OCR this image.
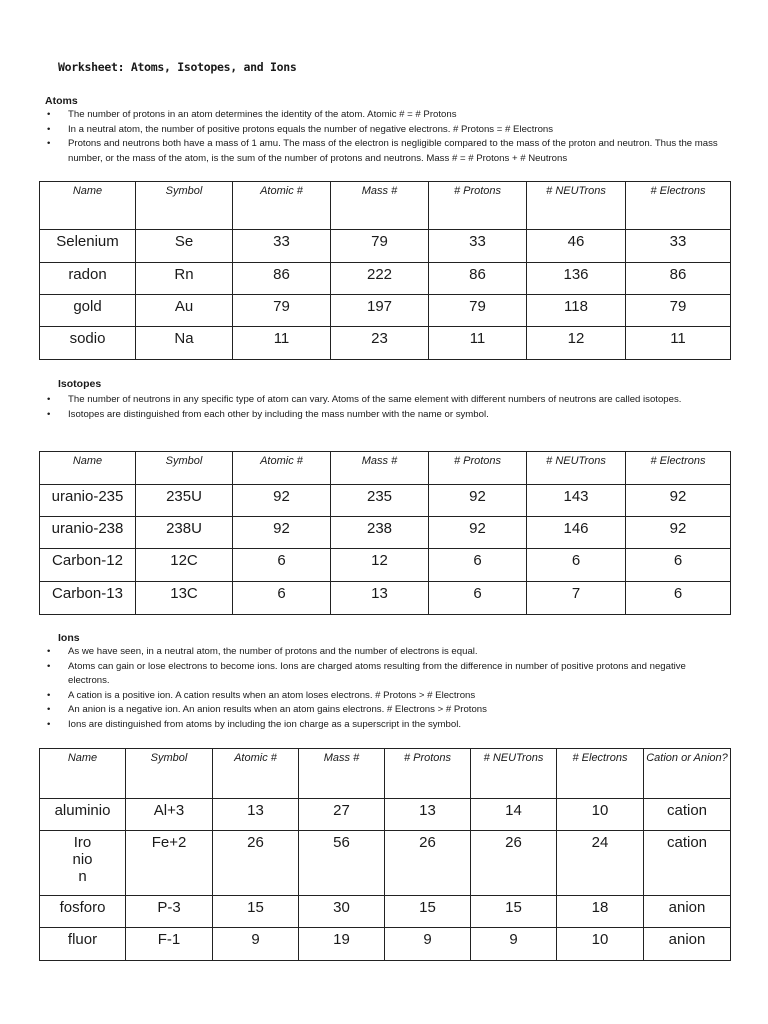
Worksheet: Atoms, Isotopes, and Ions
Atoms
• The number of protons in an atom determines the identity of the atom. Atomic # = # Protons
• In a neutral atom, the number of positive protons equals the number of negative electrons. # Protons = # Electrons
• Protons and neutrons both have a mass of 1 amu. The mass of the electron is negligible compared to the mass of the proton and neutron. Thus the mass number, or the mass of the atom, is the sum of the number of protons and neutrons. Mass # = # Protons + # Neutrons
Name	Symbol	Atomic #	Mass #	# Protons	# NEUTrons	# Electrons
Selenium	Se	33	79	33	46	33
radon	Rn	86	222	86	136	86
gold	Au	79	197	79	118	79
sodio	Na	11	23	11	12	11
Isotopes
• The number of neutrons in any specific type of atom can vary. Atoms of the same element with different numbers of neutrons are called isotopes.
• Isotopes are distinguished from each other by including the mass number with the name or symbol.
Name	Symbol	Atomic #	Mass #	# Protons	# NEUTrons	# Electrons
uranio-235	235U	92	235	92	143	92
uranio-238	238U	92	238	92	146	92
Carbon-12	12C	6	12	6	6	6
Carbon-13	13C	6	13	6	7	6
Ions
• As we have seen, in a neutral atom, the number of protons and the number of electrons is equal.
• Atoms can gain or lose electrons to become ions. Ions are charged atoms resulting from the difference in number of positive protons and negative electrons.
• A cation is a positive ion. A cation results when an atom loses electrons. # Protons > # Electrons
• An anion is a negative ion. An anion results when an atom gains electrons. # Electrons > # Protons
• Ions are distinguished from atoms by including the ion charge as a superscript in the symbol.
Name	Symbol	Atomic #	Mass #	# Protons	# NEUTrons	# Electrons	Cation or Anion?
aluminio	Al+3	13	27	13	14	10	cation
Ironion	Fe+2	26	56	26	26	24	cation
fosforo	P-3	15	30	15	15	18	anion
fluor	F-1	9	19	9	9	10	anion
